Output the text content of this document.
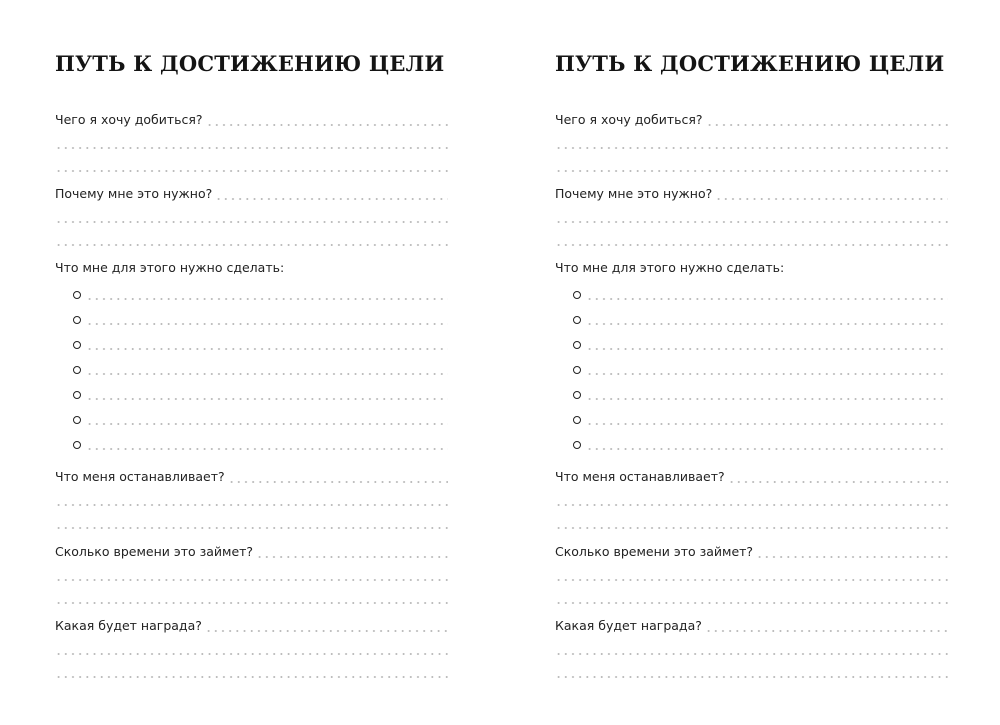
ПУТЬ К ДОСТИЖЕНИЮ ЦЕЛИ
Чего я хочу добиться?
Почему мне это нужно?
Что мне для этого нужно сделать:
Что меня останавливает?
Сколько времени это займет?
Какая будет награда?
ПУТЬ К ДОСТИЖЕНИЮ ЦЕЛИ
Чего я хочу добиться?
Почему мне это нужно?
Что мне для этого нужно сделать:
Что меня останавливает?
Сколько времени это займет?
Какая будет награда?
